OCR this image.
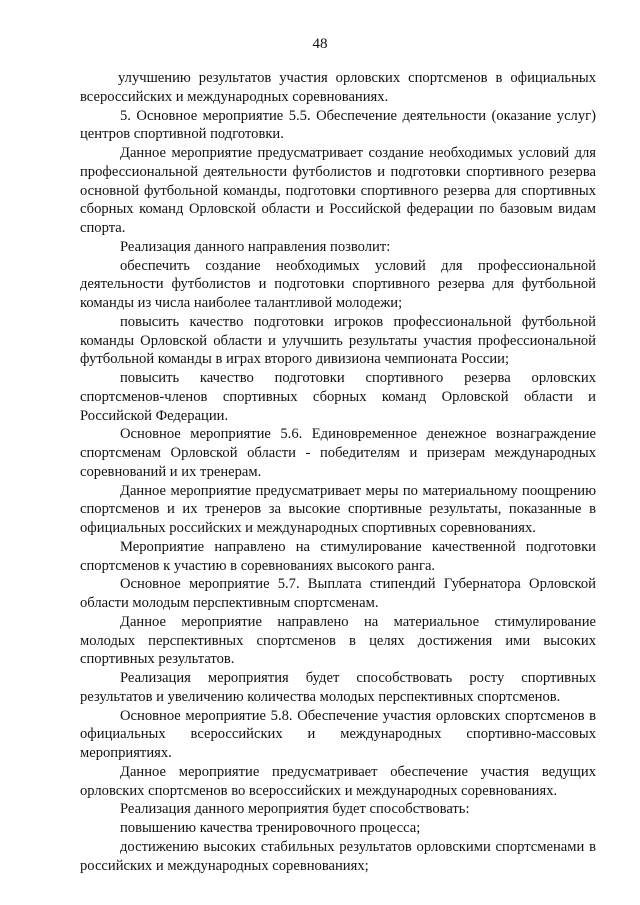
48

улучшению результатов участия орловских спортсменов в официальных всероссийских и международных соревнованиях.

5. Основное мероприятие 5.5. Обеспечение деятельности (оказание услуг) центров спортивной подготовки.

Данное мероприятие предусматривает создание необходимых условий для профессиональной деятельности футболистов и подготовки спортивного резерва основной футбольной команды, подготовки спортивного резерва для спортивных сборных команд Орловской области и Российской федерации по базовым видам спорта.

Реализация данного направления позволит:

обеспечить создание необходимых условий для профессиональной деятельности футболистов и подготовки спортивного резерва для футбольной команды из числа наиболее талантливой молодежи;

повысить качество подготовки игроков профессиональной футбольной команды Орловской области и улучшить результаты участия профессиональной футбольной команды в играх второго дивизиона чемпионата России;

повысить качество подготовки спортивного резерва орловских спортсменов-членов спортивных сборных команд Орловской области и Российской Федерации.

Основное мероприятие 5.6. Единовременное денежное вознаграждение спортсменам Орловской области - победителям и призерам международных соревнований и их тренерам.

Данное мероприятие предусматривает меры по материальному поощрению спортсменов и их тренеров за высокие спортивные результаты, показанные в официальных российских и международных спортивных соревнованиях.

Мероприятие направлено на стимулирование качественной подготовки спортсменов к участию в соревнованиях высокого ранга.

Основное мероприятие 5.7. Выплата стипендий Губернатора Орловской области молодым перспективным спортсменам.

Данное мероприятие направлено на материальное стимулирование молодых перспективных спортсменов в целях достижения ими высоких спортивных результатов.

Реализация мероприятия будет способствовать росту спортивных результатов и увеличению количества молодых перспективных спортсменов.

Основное мероприятие 5.8. Обеспечение участия орловских спортсменов в официальных всероссийских и международных спортивно-массовых мероприятиях.

Данное мероприятие предусматривает обеспечение участия ведущих орловских спортсменов во всероссийских и международных соревнованиях.

Реализация данного мероприятия будет способствовать:

повышению качества тренировочного процесса;

достижению высоких стабильных результатов орловскими спортсменами в российских и международных соревнованиях;
